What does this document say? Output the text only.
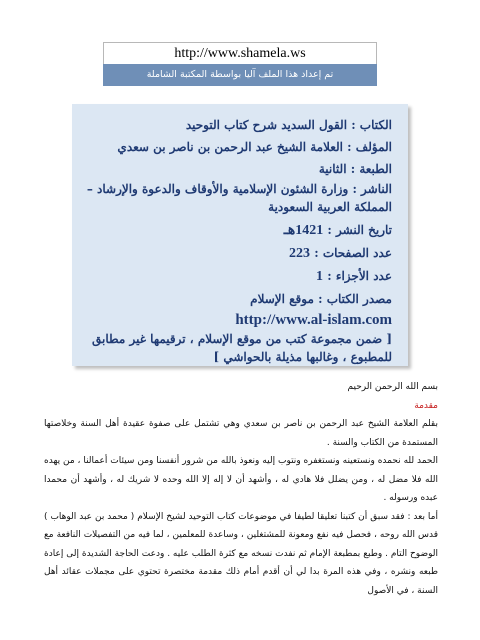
http://www.shamela.ws
تم إعداد هذا الملف آليا بواسطة المكتبة الشاملة
الكتاب : القول السديد شرح كتاب التوحيد
المؤلف : العلامة الشيخ عبد الرحمن بن ناصر بن سعدي
الطبعة : الثانية
الناشر : وزارة الشئون الإسلامية والأوقاف والدعوة والإرشاد – المملكة العربية السعودية
تاريخ النشر : 1421هـ
عدد الصفحات : 223
عدد الأجزاء : 1
مصدر الكتاب : موقع الإسلام
http://www.al-islam.com
[ ضمن مجموعة كتب من موقع الإسلام ، ترقيمها غير مطابق للمطبوع ، وغالبها مذيلة بالحواشي ]

بسم الله الرحمن الرحيم

مقدمة

بقلم العلامة الشيخ عبد الرحمن بن ناصر بن سعدي وهي تشتمل على صفوة عقيدة أهل السنة وخلاصتها المستمدة من الكتاب والسنة .

الحمد لله نحمده ونستعينه ونستغفره ونتوب إليه ونعوذ بالله من شرور أنفسنا ومن سيئات أعمالنا ، من يهده الله فلا مضل له ، ومن يضلل فلا هادي له ، وأشهد أن لا إله إلا الله وحده لا شريك له ، وأشهد أن محمدا عبده ورسوله .

أما بعد : فقد سبق أن كتبنا تعليقا لطيفا في موضوعات كتاب التوحيد لشيخ الإسلام ( محمد بن عبد الوهاب ) قدس الله روحه ، فحصل فيه نفع ومعونة للمشتغلين ، وساعدة للمعلمين ، لما فيه من التفصيلات النافعة مع الوضوح التام . وطبع بمطبعة الإمام ثم نفدت نسخه مع كثرة الطلب عليه . ودعت الحاجة الشديدة إلى إعادة طبعه ونشره ، وفي هذه المرة بدا لي أن أقدم أمام ذلك مقدمة مختصرة تحتوي على مجملات عقائد أهل السنة ، في الأصول
